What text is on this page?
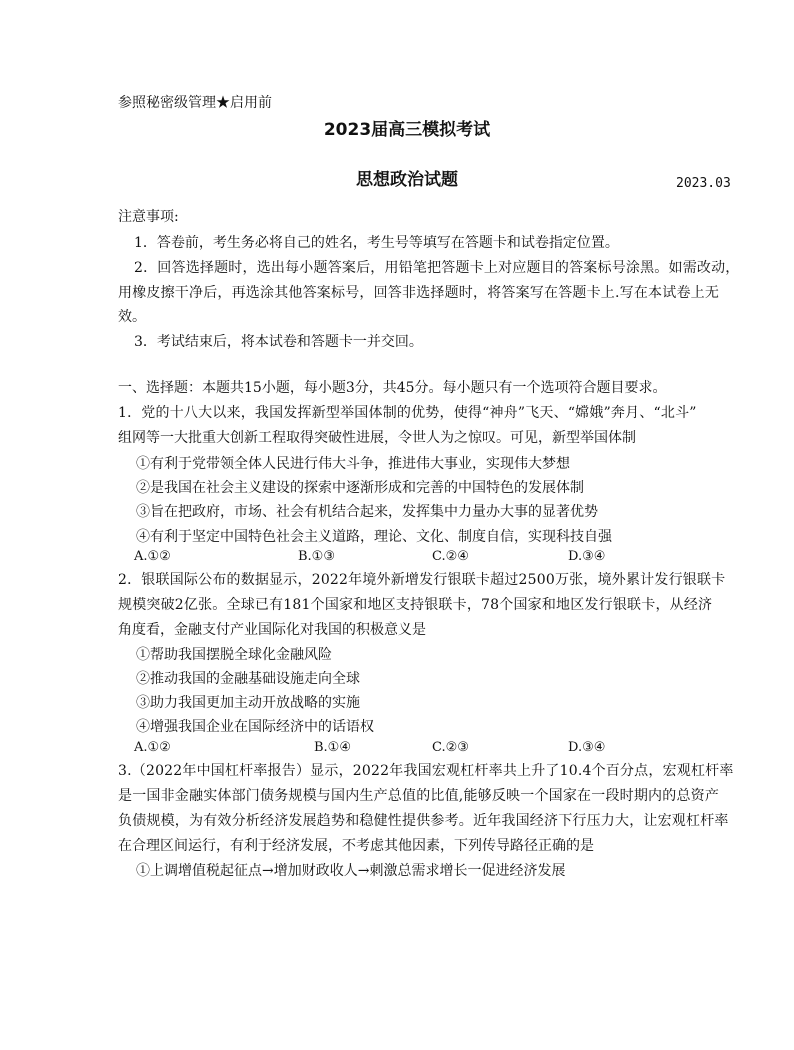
参照秘密级管理★启用前
2023届高三模拟考试
思想政治试题	2023.03
注意事项:
1．答卷前，考生务必将自己的姓名，考生号等填写在答题卡和试卷指定位置。
2．回答选择题时，选出每小题答案后，用铅笔把答题卡上对应题目的答案标号涂黑。如需改动，
用橡皮擦干净后，再选涂其他答案标号，回答非选择题时，将答案写在答题卡上.写在本试卷上无
效。
3．考试结束后，将本试卷和答题卡一并交回。
一、选择题：本题共15小题，每小题3分，共45分。每小题只有一个选项符合题目要求。
1．党的十八大以来，我国发挥新型举国体制的优势，使得“神舟”飞天、“嫦娥”奔月、“北斗”
组网等一大批重大创新工程取得突破性进展，令世人为之惊叹。可见，新型举国体制
①有利于党带领全体人民进行伟大斗争，推进伟大事业，实现伟大梦想
②是我国在社会主义建设的探索中逐渐形成和完善的中国特色的发展体制
③旨在把政府，市场、社会有机结合起来，发挥集中力量办大事的显著优势
④有利于坚定中国特色社会主义道路，理论、文化、制度自信，实现科技自强
A.①②	B.①③	C.②④	D.③④
2．银联国际公布的数据显示，2022年境外新增发行银联卡超过2500万张，境外累计发行银联卡
规模突破2亿张。全球已有181个国家和地区支持银联卡，78个国家和地区发行银联卡，从经济
角度看，金融支付产业国际化对我国的积极意义是
①帮助我国摆脱全球化金融风险
②推动我国的金融基础设施走向全球
③助力我国更加主动开放战略的实施
④增强我国企业在国际经济中的话语权
A.①②	B.①④	C.②③	D.③④
3.（2022年中国杠杆率报告）显示，2022年我国宏观杠杆率共上升了10.4个百分点，宏观杠杆率
是一国非金融实体部门债务规模与国内生产总值的比值,能够反映一个国家在一段时期内的总资产
负债规模，为有效分析经济发展趋势和稳健性提供参考。近年我国经济下行压力大，让宏观杠杆率
在合理区间运行，有利于经济发展，不考虑其他因素，下列传导路径正确的是
①上调增值税起征点→增加财政收人→刺激总需求增长一促进经济发展
